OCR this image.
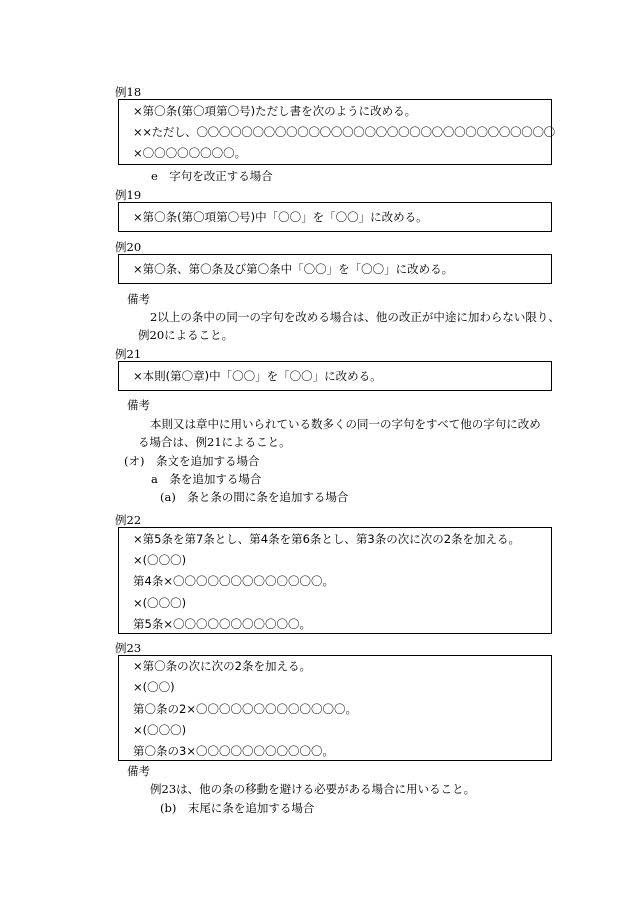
例18
×第〇条(第〇項第〇号)ただし書を次のように改める。
××ただし、〇〇〇〇〇〇〇〇〇〇〇〇〇〇〇〇〇〇〇〇〇〇〇〇〇〇〇〇〇〇〇〇
×〇〇〇〇〇〇〇〇。
e　字句を改正する場合
例19
×第〇条(第〇項第〇号)中「〇〇」を「〇〇」に改める。
例20
×第〇条、第〇条及び第〇条中「〇〇」を「〇〇」に改める。
備考
2以上の条中の同一の字句を改める場合は、他の改正が中途に加わらない限り、
例20によること。
例21
×本則(第〇章)中「〇〇」を「〇〇」に改める。
備考
本則又は章中に用いられている数多くの同一の字句をすべて他の字句に改め
る場合は、例21によること。
(オ)　条文を追加する場合
a　条を追加する場合
(a)　条と条の間に条を追加する場合
例22
×第5条を第7条とし、第4条を第6条とし、第3条の次に次の2条を加える。
×(〇〇〇)
第4条×〇〇〇〇〇〇〇〇〇〇〇〇〇。
×(〇〇〇)
第5条×〇〇〇〇〇〇〇〇〇〇〇。
例23
×第〇条の次に次の2条を加える。
×(〇〇)
第〇条の2×〇〇〇〇〇〇〇〇〇〇〇〇〇。
×(〇〇〇)
第〇条の3×〇〇〇〇〇〇〇〇〇〇〇。
備考
例23は、他の条の移動を避ける必要がある場合に用いること。
(b)　末尾に条を追加する場合
